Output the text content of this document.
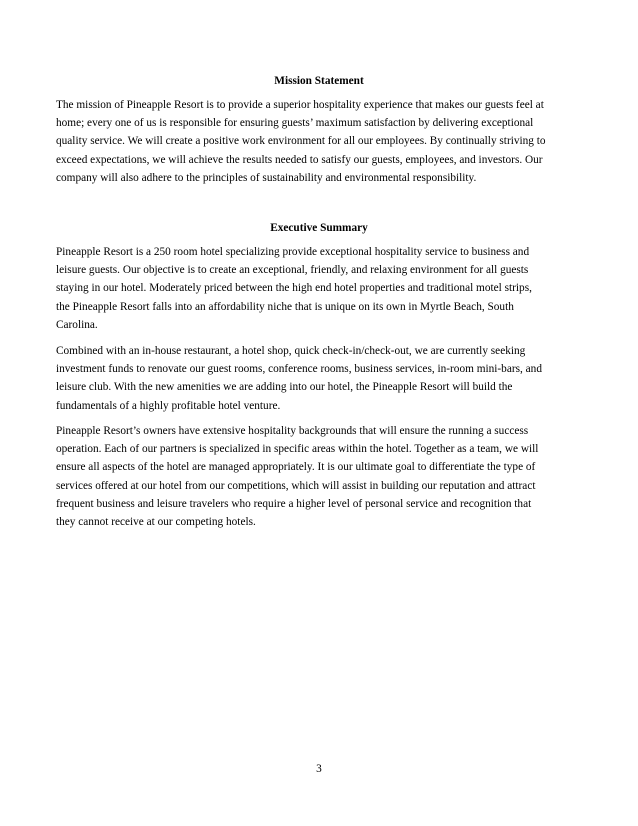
Mission Statement

The mission of Pineapple Resort is to provide a superior hospitality experience that makes our guests feel at
home; every one of us is responsible for ensuring guests’ maximum satisfaction by delivering exceptional
quality service. We will create a positive work environment for all our employees. By continually striving to
exceed expectations, we will achieve the results needed to satisfy our guests, employees, and investors. Our
company will also adhere to the principles of sustainability and environmental responsibility.

Executive Summary

Pineapple Resort is a 250 room hotel specializing provide exceptional hospitality service to business and
leisure guests. Our objective is to create an exceptional, friendly, and relaxing environment for all guests
staying in our hotel. Moderately priced between the high end hotel properties and traditional motel strips,
the Pineapple Resort falls into an affordability niche that is unique on its own in Myrtle Beach, South
Carolina.

Combined with an in-house restaurant, a hotel shop, quick check-in/check-out, we are currently seeking
investment funds to renovate our guest rooms, conference rooms, business services, in-room mini-bars, and
leisure club. With the new amenities we are adding into our hotel, the Pineapple Resort will build the
fundamentals of a highly profitable hotel venture.

Pineapple Resort’s owners have extensive hospitality backgrounds that will ensure the running a success
operation. Each of our partners is specialized in specific areas within the hotel. Together as a team, we will
ensure all aspects of the hotel are managed appropriately. It is our ultimate goal to differentiate the type of
services offered at our hotel from our competitions, which will assist in building our reputation and attract
frequent business and leisure travelers who require a higher level of personal service and recognition that
they cannot receive at our competing hotels.

3
